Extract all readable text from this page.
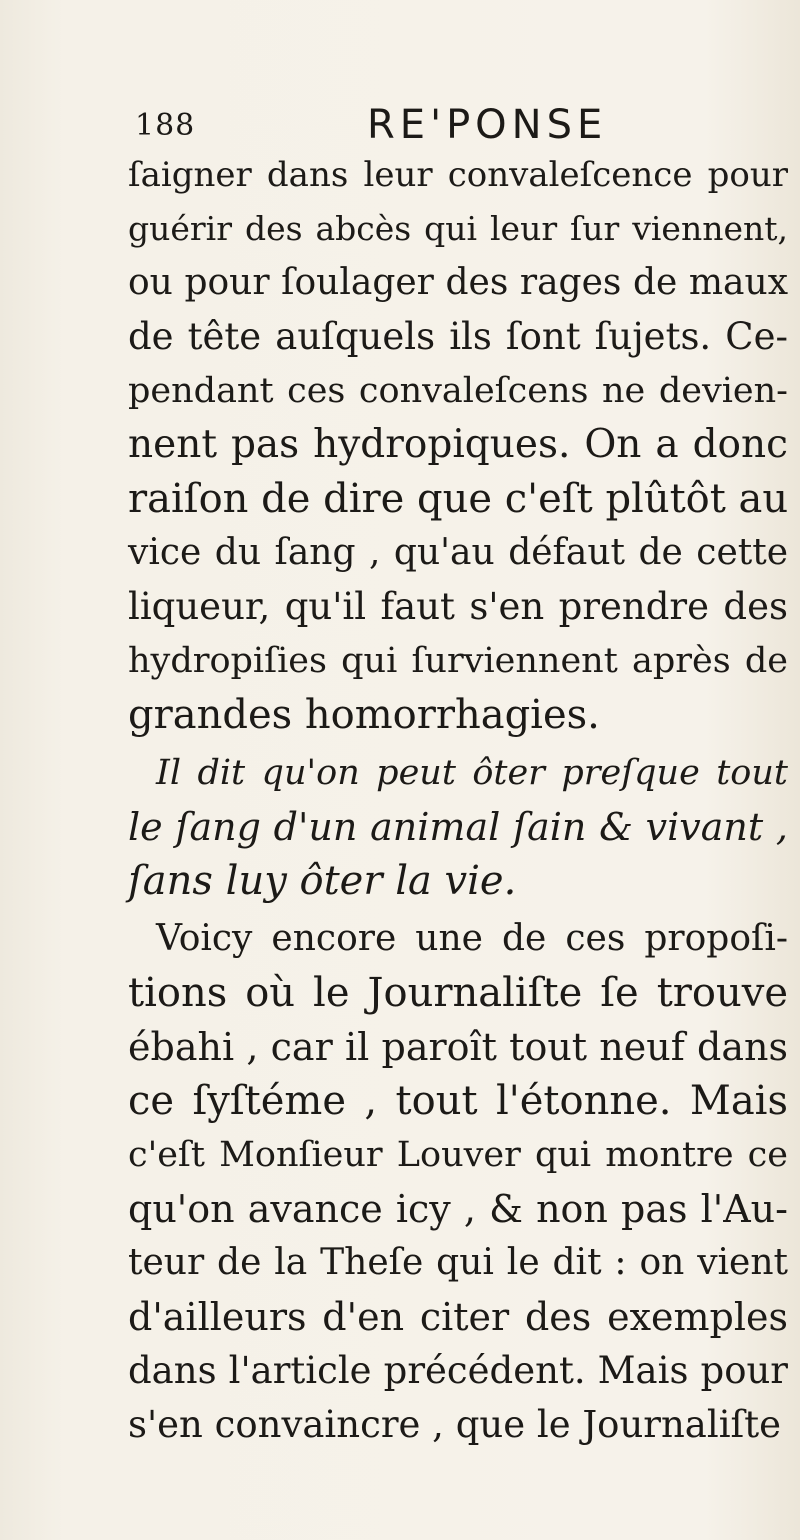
188	RE'PONSE
ſaigner dans leur convaleſcence pour
guérir des abcès qui leur ſur viennent,
ou pour ſoulager des rages de maux
de tête auſquels ils ſont ſujets. Ce-
pendant ces convaleſcens ne devien-
nent pas hydropiques. On a donc
raiſon de dire que c'eſt plûtôt au
vice du ſang , qu'au défaut de cette
liqueur, qu'il faut s'en prendre des
hydropiſies qui ſurviennent après de
grandes homorrhagies.
Il dit qu'on peut ôter preſque tout
le ſang d'un animal ſain & vivant ,
ſans luy ôter la vie.
Voicy encore une de ces propoſi-
tions où le Journaliſte ſe trouve
ébahi , car il paroît tout neuf dans
ce ſyſtéme , tout l'étonne. Mais
c'eſt Monſieur Louver qui montre ce
qu'on avance icy , & non pas l'Au-
teur de la Theſe qui le dit : on vient
d'ailleurs d'en citer des exemples
dans l'article précédent. Mais pour
s'en convaincre , que le Journaliſte
